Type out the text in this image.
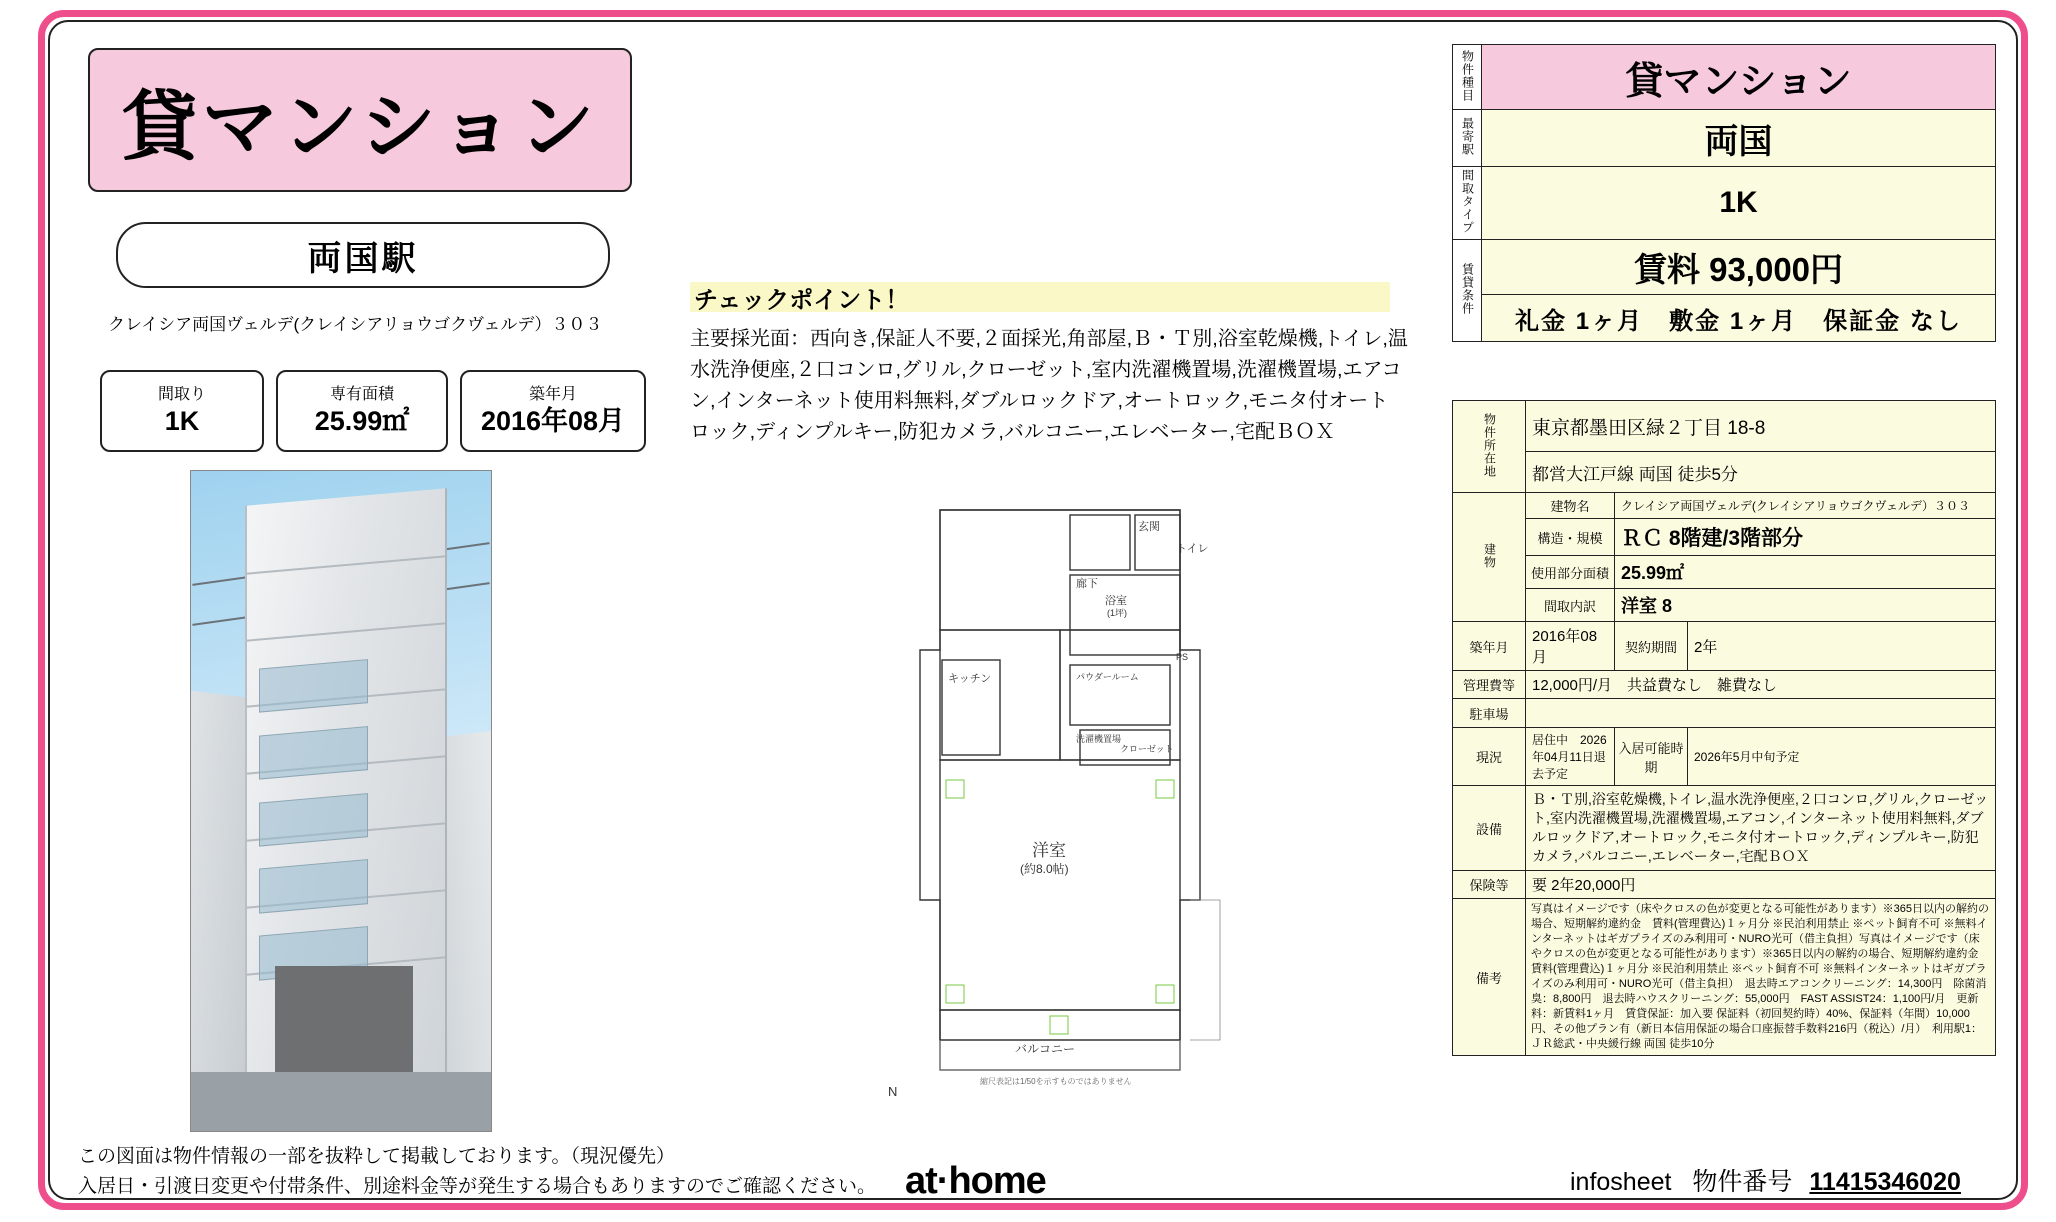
貸マンション
両国駅
クレイシア両国ヴェルデ(クレイシアリョウゴクヴェルデ）３０３
間取り
1K
専有面積
25.99㎡
築年月
2016年08月
チェックポイント！
主要採光面：西向き,保証人不要,２面採光,角部屋,Ｂ・Ｔ別,浴室乾燥機,トイレ,温水洗浄便座,２口コンロ,グリル,クローゼット,室内洗濯機置場,洗濯機置場,エアコン,インターネット使用料無料,ダブルロックドア,オートロック,モニタ付オートロック,ディンプルキー,防犯カメラ,バルコニー,エレベーター,宅配ＢＯＸ
玄関
廊下
トイレ
浴室
(1坪)
キッチン	パウダールーム
洗濯機置場
クローゼット
洋室
(約8.0帖)
バルコニー
PS
縮尺表記は1/50を示すものではありません
N
物件種目	貸マンション
最寄駅	両国
間取タイプ	1K
賃貸条件	賃料 93,000円
	礼金 1ヶ月　敷金 1ヶ月　保証金 なし
物件所在地	東京都墨田区緑２丁目 18-8		
	都営大江戸線 両国 徒歩5分		
建物	建物名	クレイシア両国ヴェルデ(クレイシアリョウゴクヴェルデ）３０３	
	構造・規模	ＲＣ 8階建/3階部分	
	使用部分面積	25.99㎡	
	間取内訳	洋室 8	
築年月	2016年08月	契約期間	2年
管理費等	12,000円/月　共益費なし　雑費なし		
駐車場			
現況	居住中　2026年04月11日退去予定	入居可能時期	2026年5月中旬予定
設備	Ｂ・Ｔ別,浴室乾燥機,トイレ,温水洗浄便座,２口コンロ,グリル,クローゼット,室内洗濯機置場,洗濯機置場,エアコン,インターネット使用料無料,ダブルロックドア,オートロック,モニタ付オートロック,ディンプルキー,防犯カメラ,バルコニー,エレベーター,宅配ＢＯＸ		
保険等	要 2年20,000円		
備考	写真はイメージです（床やクロスの色が変更となる可能性があります）※365日以内の解約の場合、短期解約違約金　賃料(管理費込)１ヶ月分 ※民泊利用禁止 ※ペット飼育不可 ※無料インターネットはギガプライズのみ利用可・NURO光可（借主負担）写真はイメージです（床やクロスの色が変更となる可能性があります）※365日以内の解約の場合、短期解約違約金　賃料(管理費込)１ヶ月分 ※民泊利用禁止 ※ペット飼育不可 ※無料インターネットはギガプライズのみ利用可・NURO光可（借主負担）　退去時エアコンクリーニング：14,300円　除菌消臭：8,800円　退去時ハウスクリーニング：55,000円　FAST ASSIST24：1,100円/月　更新料：新賃料1ヶ月　賃貸保証：加入要 保証料（初回契約時）40%、保証料（年間）10,000円、その他プラン有（新日本信用保証の場合口座振替手数料216円（税込）/月）　利用駅1：ＪＲ総武・中央緩行線 両国 徒歩10分		
この図面は物件情報の一部を抜粋して掲載しております。（現況優先）
入居日・引渡日変更や付帯条件、別途料金等が発生する場合もありますのでご確認ください。 at·home	infosheet 物件番号 11415346020
